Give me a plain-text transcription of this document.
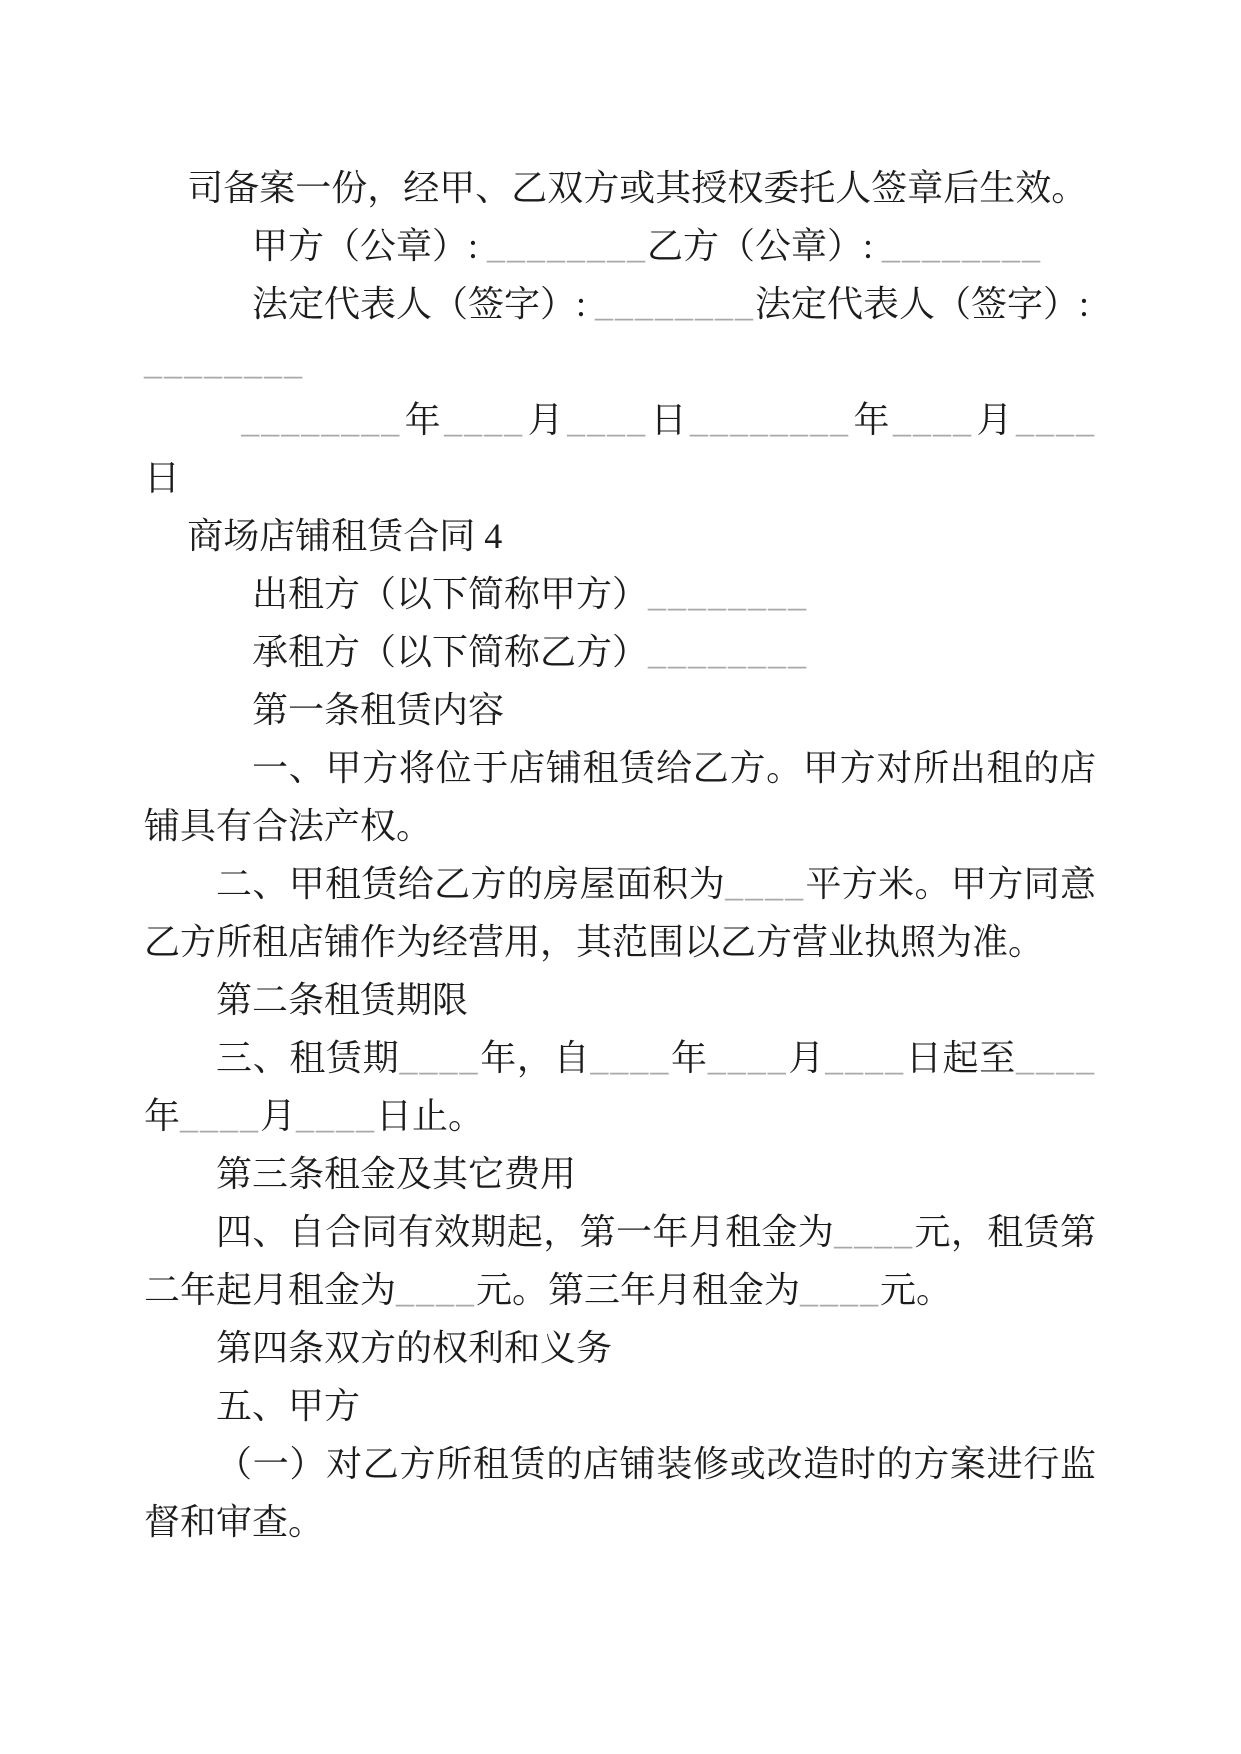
司备案一份，经甲、乙双方或其授权委托人签章后生效。

甲方（公章）: ________乙方（公章）: ________

法定代表人（签字）: ________法定代表人（签字）:

________

________年____月____日________年____月____日

商场店铺租赁合同 4

出租方（以下简称甲方）________

承租方（以下简称乙方）________

第一条租赁内容

一、甲方将位于店铺租赁给乙方。甲方对所出租的店铺具有合法产权。

二、甲租赁给乙方的房屋面积为____平方米。甲方同意乙方所租店铺作为经营用，其范围以乙方营业执照为准。

第二条租赁期限

三、租赁期____年，自____年____月____日起至____年____月____日止。

第三条租金及其它费用

四、自合同有效期起，第一年月租金为____元，租赁第二年起月租金为____元。第三年月租金为____元。

第四条双方的权利和义务

五、甲方

（一）对乙方所租赁的店铺装修或改造时的方案进行监督和审查。
